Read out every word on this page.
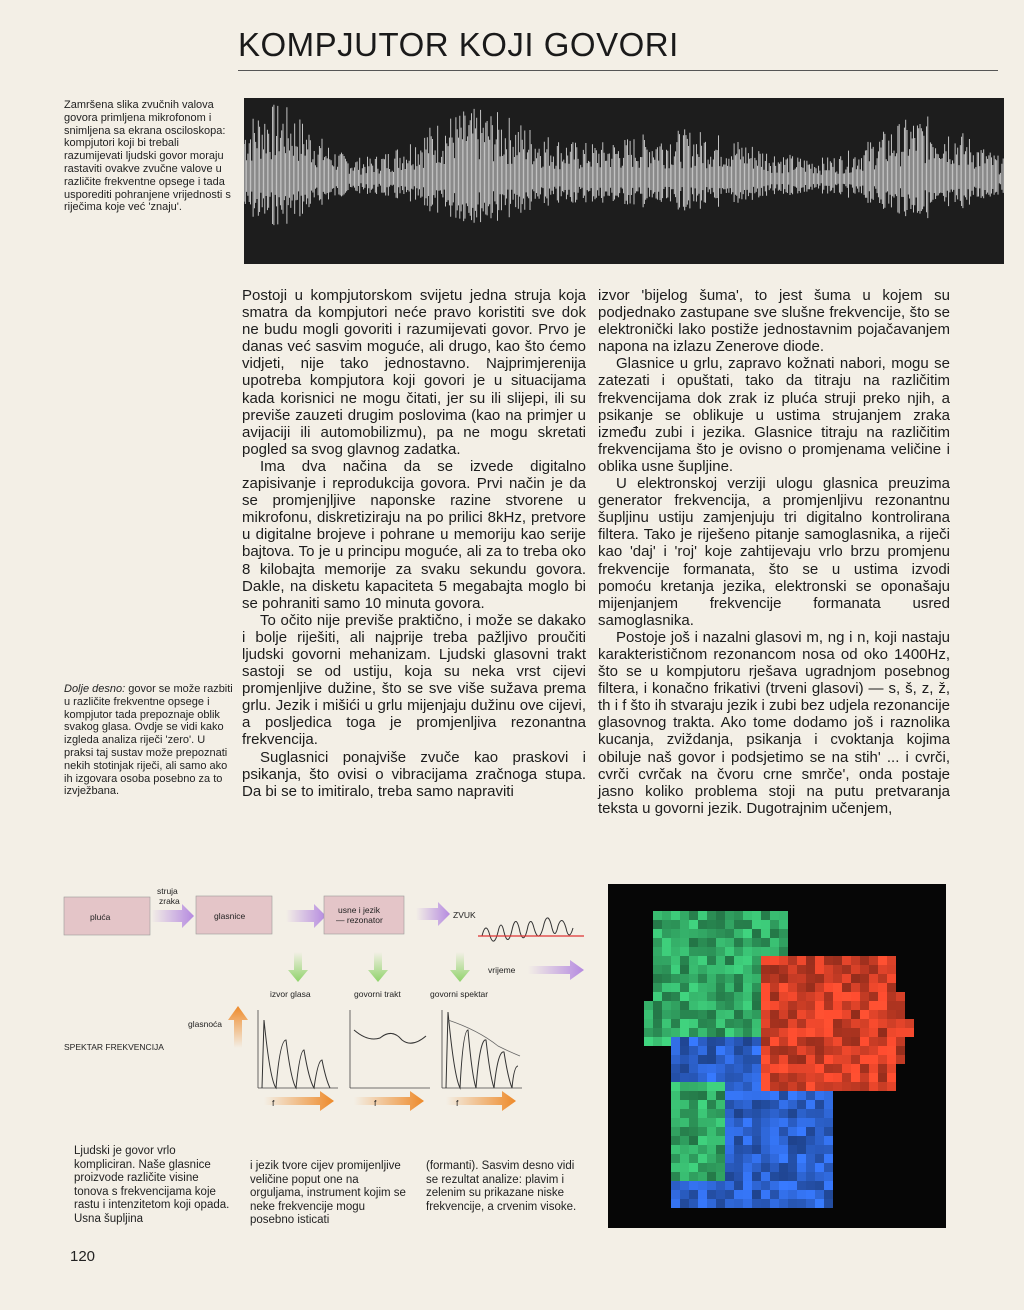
KOMPJUTOR KOJI GOVORI
Zamršena slika zvučnih valova govora primljena mikrofonom i snimljena sa ekrana osciloskopa: kompjutori koji bi trebali razumijevati ljudski govor moraju rastaviti ovakve zvučne valove u različite frekventne opsege i tada usporediti pohranjene vrijednosti s riječima koje već 'znaju'.

Postoji u kompjutorskom svijetu jedna struja koja smatra da kompjutori neće pravo koristiti sve dok ne budu mogli govoriti i razumijevati govor. Prvo je danas već sasvim moguće, ali drugo, kao što ćemo vidjeti, nije tako jednostavno. Najprimjerenija upotreba kompjutora koji govori je u situacijama kada korisnici ne mogu čitati, jer su ili slijepi, ili su previše zauzeti drugim poslovima (kao na primjer u avijaciji ili automobilizmu), pa ne mogu skretati pogled sa svog glavnog zadatka.

Ima dva načina da se izvede digitalno zapisivanje i reprodukcija govora. Prvi način je da se promjenjljive naponske razine stvorene u mikrofonu, diskretiziraju na po prilici 8kHz, pretvore u digitalne brojeve i pohrane u memoriju kao serije bajtova. To je u principu moguće, ali za to treba oko 8 kilobajta memorije za svaku sekundu govora. Dakle, na disketu kapaciteta 5 megabajta moglo bi se pohraniti samo 10 minuta govora.

To očito nije previše praktično, i može se dakako i bolje riješiti, ali najprije treba pažljivo proučiti ljudski govorni mehanizam. Ljudski glasovni trakt sastoji se od ustiju, koja su neka vrst cijevi promjenljive dužine, što se sve više sužava prema grlu. Jezik i mišići u grlu mijenjaju dužinu ove cijevi, a posljedica toga je promjenljiva rezonantna frekvencija.

Suglasnici ponajviše zvuče kao praskovi i psikanja, što ovisi o vibracijama zračnoga stupa. Da bi se to imitiralo, treba samo napraviti

izvor 'bijelog šuma', to jest šuma u kojem su podjednako zastupane sve slušne frekvencije, što se elektronički lako postiže jednostavnim pojačavanjem napona na izlazu Zenerove diode.

Glasnice u grlu, zapravo kožnati nabori, mogu se zatezati i opuštati, tako da titraju na različitim frekvencijama dok zrak iz pluća struji preko njih, a psikanje se oblikuje u ustima strujanjem zraka između zubi i jezika. Glasnice titraju na različitim frekvencijama što je ovisno o promjenama veličine i oblika usne šupljine.

U elektronskoj verziji ulogu glasnica preuzima generator frekvencija, a promjenljivu rezonantnu šupljinu ustiju zamjenjuju tri digitalno kontrolirana filtera. Tako je riješeno pitanje samoglasnika, a riječi kao 'daj' i 'roj' koje zahtijevaju vrlo brzu promjenu frekvencije formanata, što se u ustima izvodi pomoću kretanja jezika, elektronski se oponašaju mijenjanjem frekvencije formanata usred samoglasnika.

Postoje još i nazalni glasovi m, ng i n, koji nastaju karakterističnom rezonancom nosa od oko 1400Hz, što se u kompjutoru rješava ugradnjom posebnog filtera, i konačno frikativi (trveni glasovi) — s, š, z, ž, th i f što ih stvaraju jezik i zubi bez udjela rezonancije glasovnog trakta. Ako tome dodamo još i raznolika kucanja, zviždanja, psikanja i cvoktanja kojima obiluje naš govor i podsjetimo se na stih' ... i cvrči, cvrči cvrčak na čvoru crne smrče', onda postaje jasno koliko problema stoji na putu pretvaranja teksta u govorni jezik. Dugotrajnim učenjem,

Dolje desno: govor se može razbiti u različite frekventne opsege i kompjutor tada prepoznaje oblik svakog glasa. Ovdje se vidi kako izgleda analiza riječi 'zero'. U praksi taj sustav može prepoznati nekih stotinjak riječi, ali samo ako ih izgovara osoba posebno za to izvježbana.
pluća
struja
zraka
glasnice
usne i jezik
— rezonator	ZVUK
vrijeme
izvor glasa	govorni trakt	govorni spektar
glasnoća
SPEKTAR FREKVENCIJA
f	f	f
Ljudski je govor vrlo kompliciran. Naše glasnice proizvode različite visine tonova s frekvencijama koje rastu i intenzitetom koji opada. Usna šupljina
i jezik tvore cijev promijenljive veličine poput one na orguljama, instrument kojim se neke frekvencije mogu posebno isticati
(formanti). Sasvim desno vidi se rezultat analize: plavim i zelenim su prikazane niske frekvencije, a crvenim visoke.
120
